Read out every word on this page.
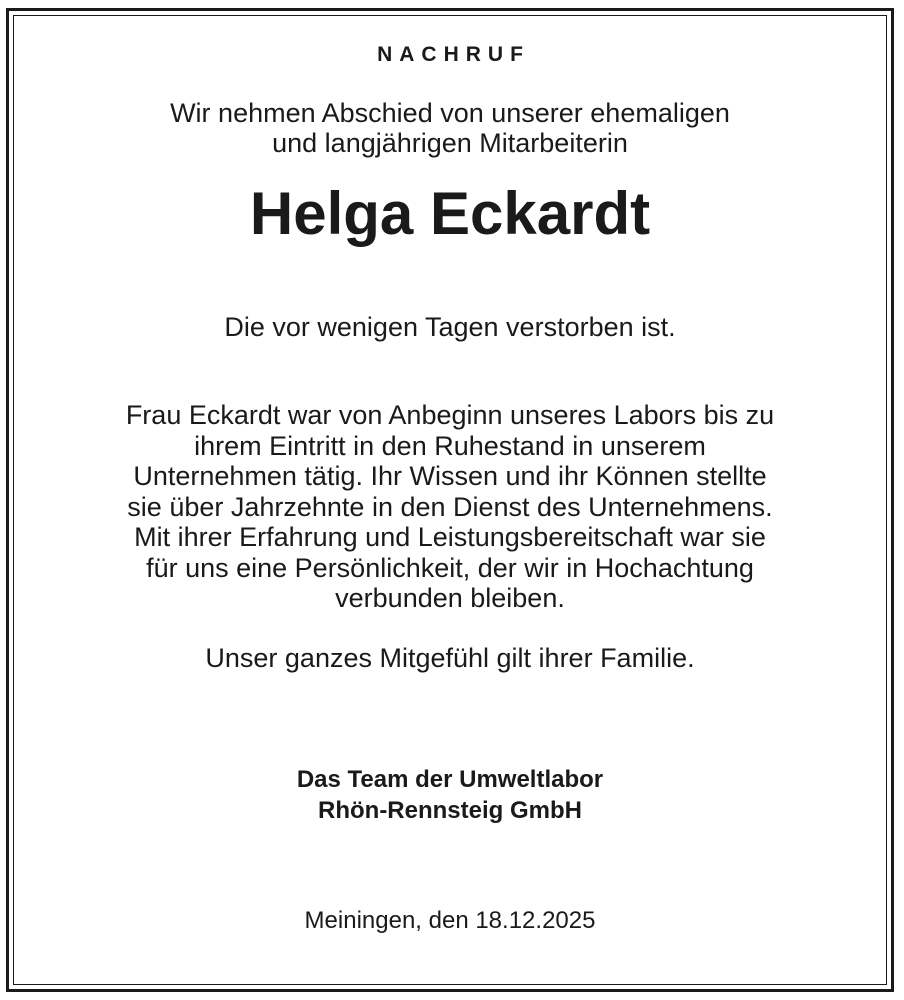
NACHRUF
Wir nehmen Abschied von unserer ehemaligen
und langjährigen Mitarbeiterin
Helga Eckardt
Die vor wenigen Tagen verstorben ist.
Frau Eckardt war von Anbeginn unseres Labors bis zu
ihrem Eintritt in den Ruhestand in unserem
Unternehmen tätig. Ihr Wissen und ihr Können stellte
sie über Jahrzehnte in den Dienst des Unternehmens.
Mit ihrer Erfahrung und Leistungsbereitschaft war sie
für uns eine Persönlichkeit, der wir in Hochachtung
verbunden bleiben.
Unser ganzes Mitgefühl gilt ihrer Familie.
Das Team der Umweltlabor
Rhön-Rennsteig GmbH
Meiningen, den 18.12.2025
